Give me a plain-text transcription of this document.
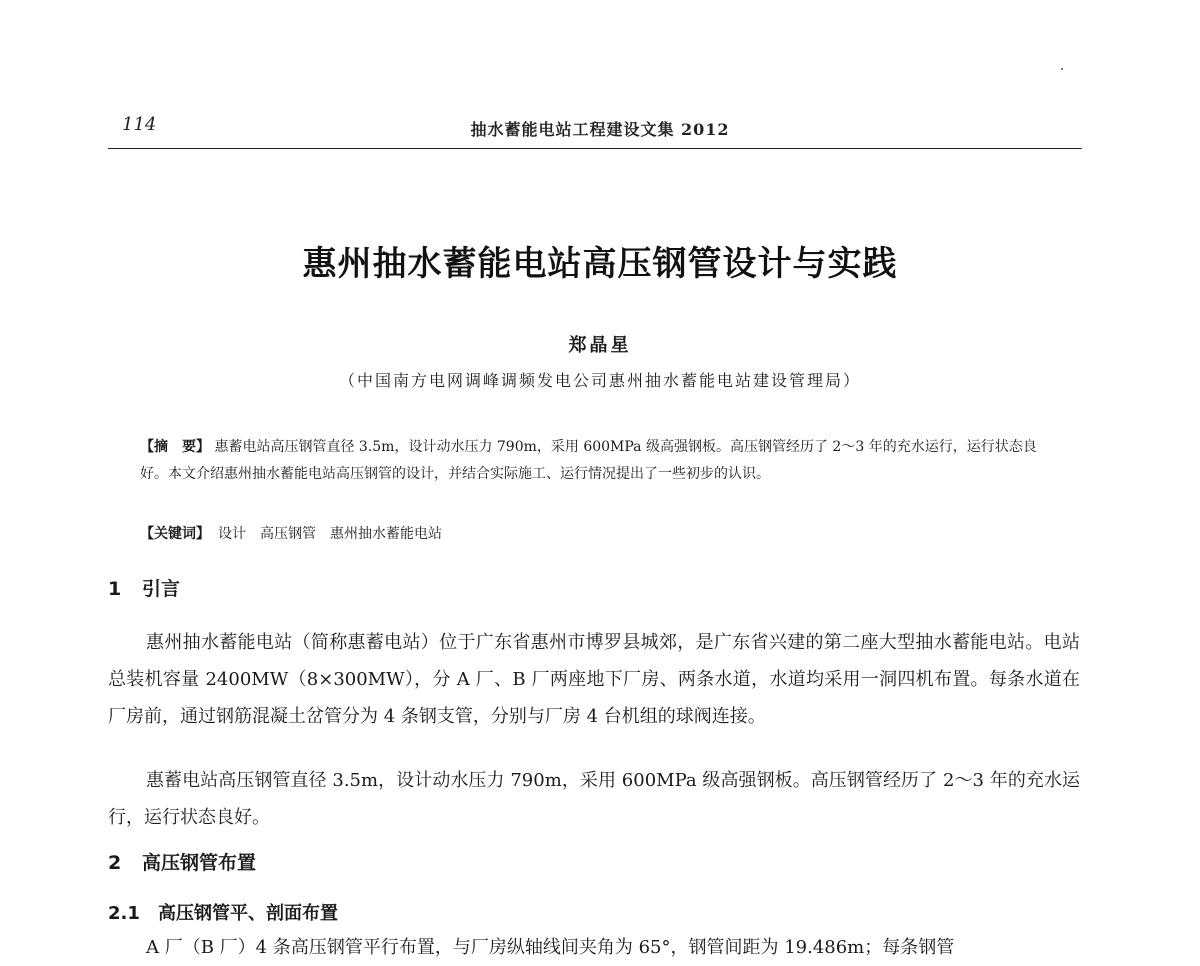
114	抽水蓄能电站工程建设文集 2012
惠州抽水蓄能电站高压钢管设计与实践
郑晶星
（中国南方电网调峰调频发电公司惠州抽水蓄能电站建设管理局）

【摘　要】 惠蓄电站高压钢管直径 3.5m，设计动水压力 790m，采用 600MPa 级高强钢板。高压钢管经历了 2～3 年的充水运行，运行状态良好。本文介绍惠州抽水蓄能电站高压钢管的设计，并结合实际施工、运行情况提出了一些初步的认识。

【关键词】 设计 高压钢管 惠州抽水蓄能电站

1 引言

惠州抽水蓄能电站（简称惠蓄电站）位于广东省惠州市博罗县城郊，是广东省兴建的第二座大型抽水蓄能电站。电站总装机容量 2400MW（8×300MW），分 A 厂、B 厂两座地下厂房、两条水道，水道均采用一洞四机布置。每条水道在厂房前，通过钢筋混凝土岔管分为 4 条钢支管，分别与厂房 4 台机组的球阀连接。

惠蓄电站高压钢管直径 3.5m，设计动水压力 790m，采用 600MPa 级高强钢板。高压钢管经历了 2～3 年的充水运行，运行状态良好。

2 高压钢管布置
2.1 高压钢管平、剖面布置

A 厂（B 厂）4 条高压钢管平行布置，与厂房纵轴线间夹角为 65°，钢管间距为 19.486m；每条钢管
